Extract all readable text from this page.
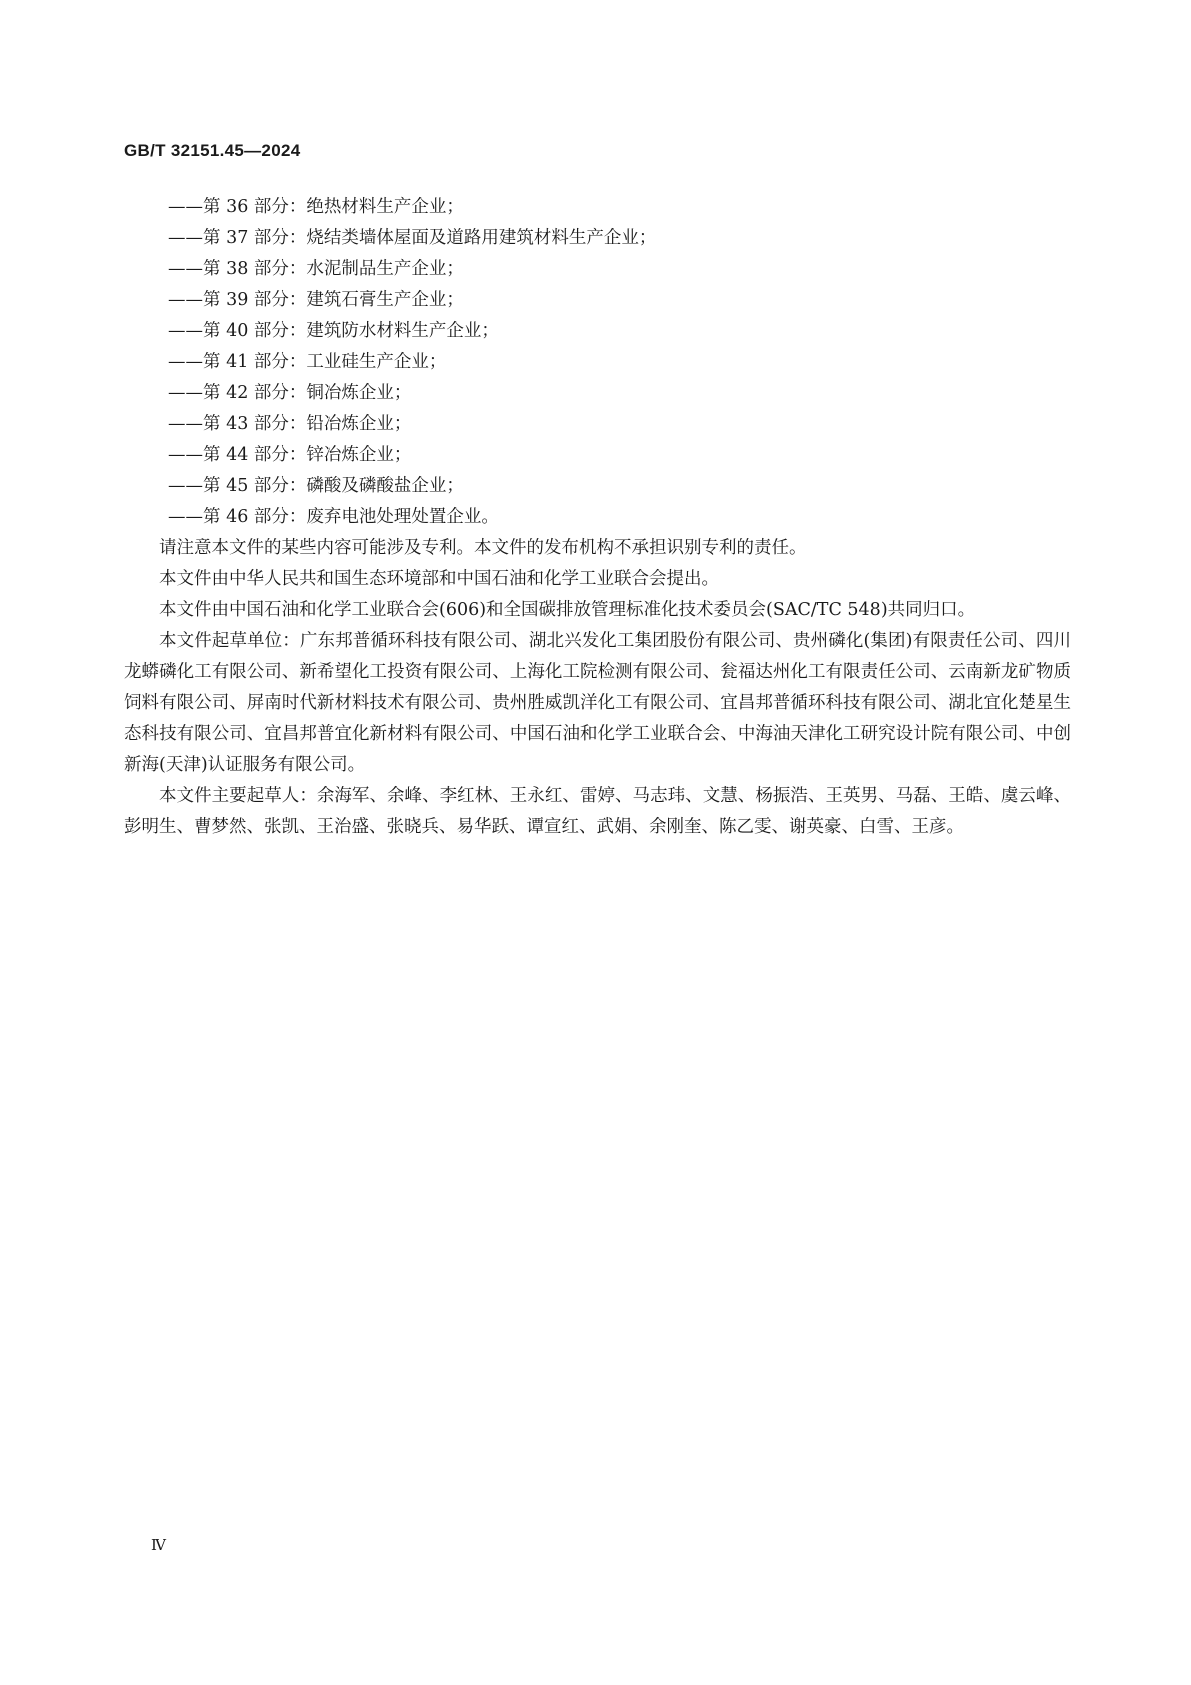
GB/T 32151.45—2024
——第 36 部分：绝热材料生产企业；
——第 37 部分：烧结类墙体屋面及道路用建筑材料生产企业；
——第 38 部分：水泥制品生产企业；
——第 39 部分：建筑石膏生产企业；
——第 40 部分：建筑防水材料生产企业；
——第 41 部分：工业硅生产企业；
——第 42 部分：铜冶炼企业；
——第 43 部分：铅冶炼企业；
——第 44 部分：锌冶炼企业；
——第 45 部分：磷酸及磷酸盐企业；
——第 46 部分：废弃电池处理处置企业。

请注意本文件的某些内容可能涉及专利。本文件的发布机构不承担识别专利的责任。

本文件由中华人民共和国生态环境部和中国石油和化学工业联合会提出。

本文件由中国石油和化学工业联合会(606)和全国碳排放管理标准化技术委员会(SAC/TC 548)共同归口。

本文件起草单位：广东邦普循环科技有限公司、湖北兴发化工集团股份有限公司、贵州磷化(集团)有限责任公司、四川龙蟒磷化工有限公司、新希望化工投资有限公司、上海化工院检测有限公司、瓮福达州化工有限责任公司、云南新龙矿物质饲料有限公司、屏南时代新材料技术有限公司、贵州胜威凯洋化工有限公司、宜昌邦普循环科技有限公司、湖北宜化楚星生态科技有限公司、宜昌邦普宜化新材料有限公司、中国石油和化学工业联合会、中海油天津化工研究设计院有限公司、中创新海(天津)认证服务有限公司。

本文件主要起草人：余海军、余峰、李红林、王永红、雷婷、马志玮、文慧、杨振浩、王英男、马磊、王皓、虞云峰、彭明生、曹梦然、张凯、王治盛、张晓兵、易华跃、谭宣红、武娟、余刚奎、陈乙雯、谢英豪、白雪、王彦。

Ⅳ
